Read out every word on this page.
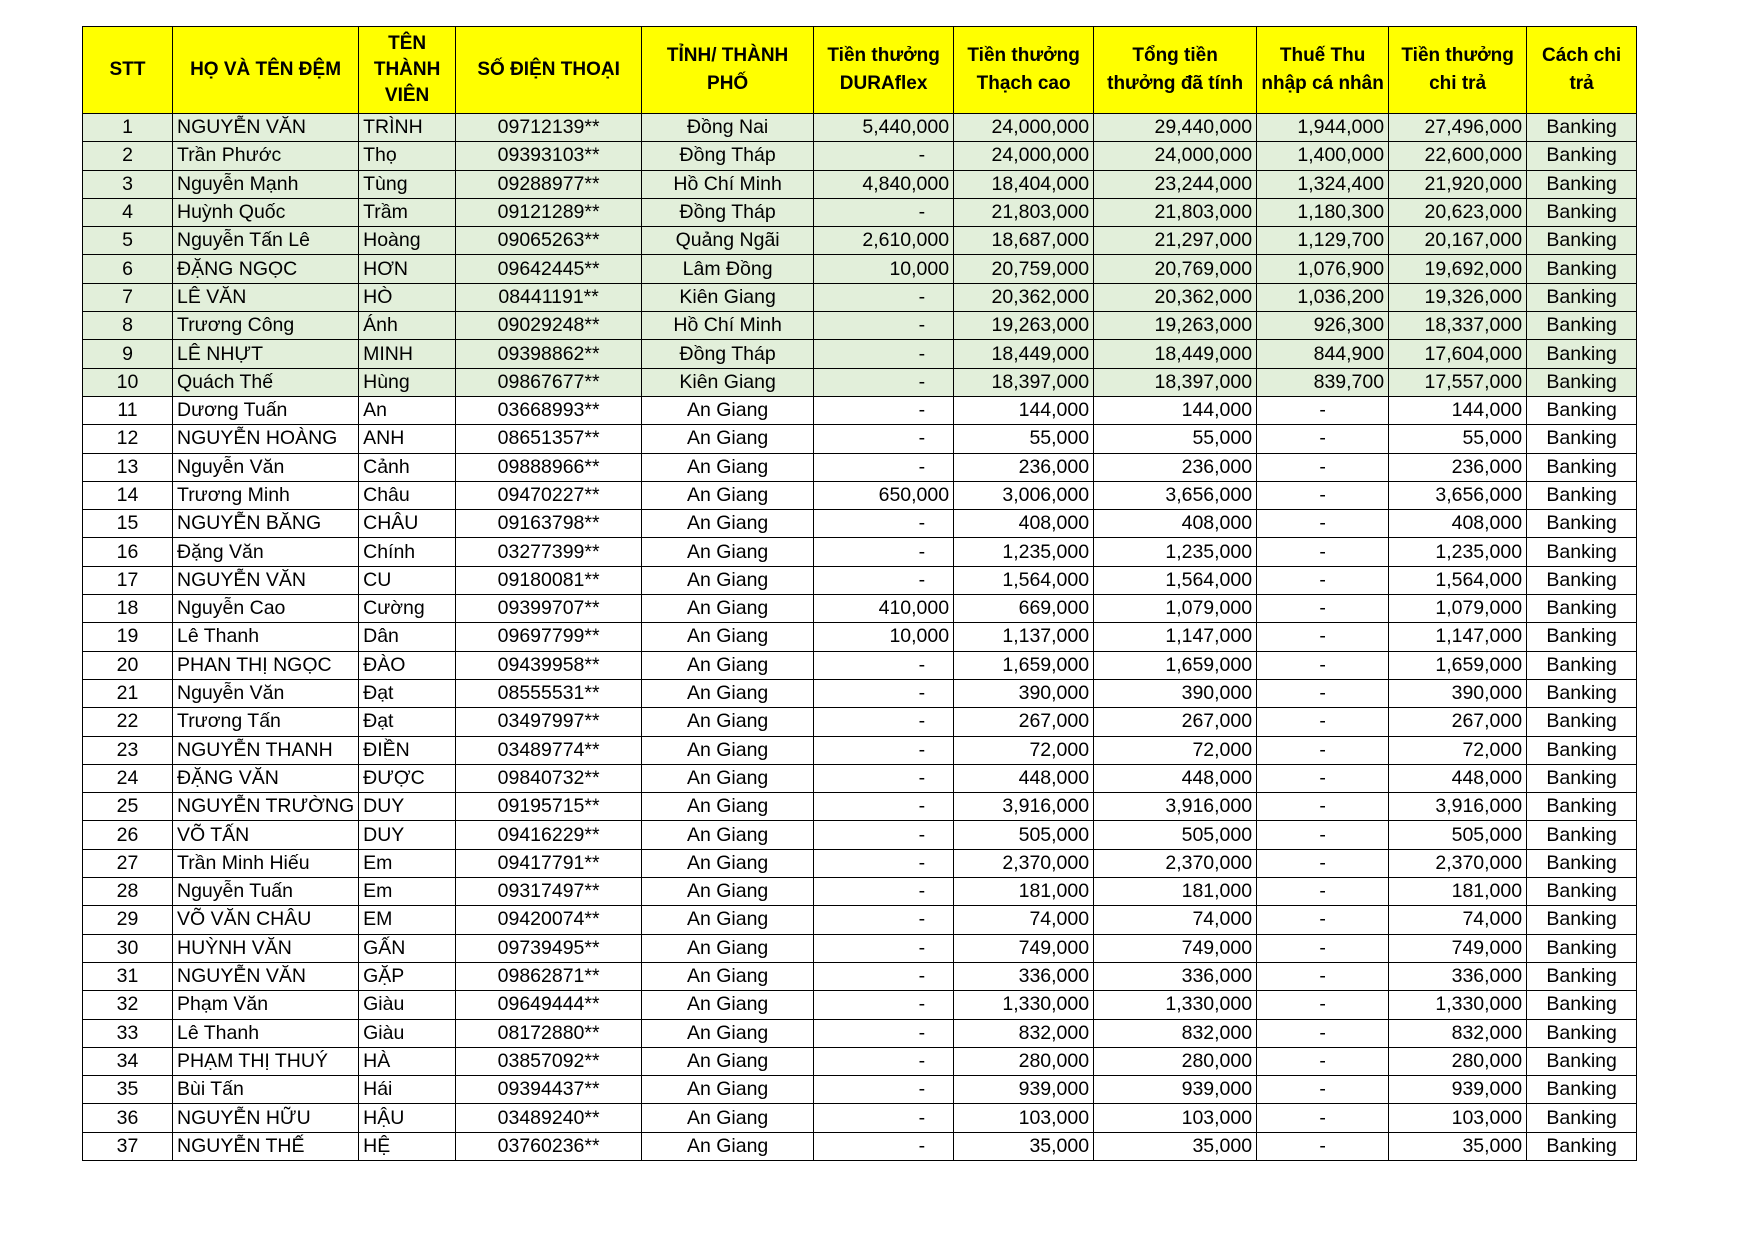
STT	HỌ VÀ TÊN ĐỆM	TÊN THÀNH VIÊN	SỐ ĐIỆN THOẠI	TỈNH/ THÀNH PHỐ	Tiền thưởng DURAflex	Tiền thưởng Thạch cao	Tổng tiền thưởng đã tính	Thuế Thu nhập cá nhân	Tiền thưởng chi trả	Cách chi trả

1	NGUYỄN VĂN	TRÌNH	09712139**	Đồng Nai	5,440,000	24,000,000	29,440,000	1,944,000	27,496,000	Banking
2	Trần Phước	Thọ	09393103**	Đồng Tháp	-	24,000,000	24,000,000	1,400,000	22,600,000	Banking
3	Nguyễn Mạnh	Tùng	09288977**	Hồ Chí Minh	4,840,000	18,404,000	23,244,000	1,324,400	21,920,000	Banking
4	Huỳnh Quốc	Trầm	09121289**	Đồng Tháp	-	21,803,000	21,803,000	1,180,300	20,623,000	Banking
5	Nguyễn Tấn Lê	Hoàng	09065263**	Quảng Ngãi	2,610,000	18,687,000	21,297,000	1,129,700	20,167,000	Banking
6	ĐẶNG NGỌC	HƠN	09642445**	Lâm Đồng	10,000	20,759,000	20,769,000	1,076,900	19,692,000	Banking
7	LÊ VĂN	HÒ	08441191**	Kiên Giang	-	20,362,000	20,362,000	1,036,200	19,326,000	Banking
8	Trương Công	Ánh	09029248**	Hồ Chí Minh	-	19,263,000	19,263,000	926,300	18,337,000	Banking
9	LÊ NHỰT	MINH	09398862**	Đồng Tháp	-	18,449,000	18,449,000	844,900	17,604,000	Banking
10	Quách Thế	Hùng	09867677**	Kiên Giang	-	18,397,000	18,397,000	839,700	17,557,000	Banking
11	Dương Tuấn	An	03668993**	An Giang	-	144,000	144,000	-	144,000	Banking
12	NGUYỄN HOÀNG	ANH	08651357**	An Giang	-	55,000	55,000	-	55,000	Banking
13	Nguyễn Văn	Cảnh	09888966**	An Giang	-	236,000	236,000	-	236,000	Banking
14	Trương Minh	Châu	09470227**	An Giang	650,000	3,006,000	3,656,000	-	3,656,000	Banking
15	NGUYỄN BĂNG	CHÂU	09163798**	An Giang	-	408,000	408,000	-	408,000	Banking
16	Đặng Văn	Chính	03277399**	An Giang	-	1,235,000	1,235,000	-	1,235,000	Banking
17	NGUYỄN VĂN	CU	09180081**	An Giang	-	1,564,000	1,564,000	-	1,564,000	Banking
18	Nguyễn Cao	Cường	09399707**	An Giang	410,000	669,000	1,079,000	-	1,079,000	Banking
19	Lê Thanh	Dân	09697799**	An Giang	10,000	1,137,000	1,147,000	-	1,147,000	Banking
20	PHAN THỊ NGỌC	ĐÀO	09439958**	An Giang	-	1,659,000	1,659,000	-	1,659,000	Banking
21	Nguyễn Văn	Đạt	08555531**	An Giang	-	390,000	390,000	-	390,000	Banking
22	Trương Tấn	Đạt	03497997**	An Giang	-	267,000	267,000	-	267,000	Banking
23	NGUYỄN THANH	ĐIỀN	03489774**	An Giang	-	72,000	72,000	-	72,000	Banking
24	ĐẶNG VĂN	ĐƯỢC	09840732**	An Giang	-	448,000	448,000	-	448,000	Banking
25	NGUYỄN TRƯỜNG	DUY	09195715**	An Giang	-	3,916,000	3,916,000	-	3,916,000	Banking
26	VÕ TẤN	DUY	09416229**	An Giang	-	505,000	505,000	-	505,000	Banking
27	Trần Minh Hiếu	Em	09417791**	An Giang	-	2,370,000	2,370,000	-	2,370,000	Banking
28	Nguyễn Tuấn	Em	09317497**	An Giang	-	181,000	181,000	-	181,000	Banking
29	VÕ VĂN CHÂU	EM	09420074**	An Giang	-	74,000	74,000	-	74,000	Banking
30	HUỲNH VĂN	GẤN	09739495**	An Giang	-	749,000	749,000	-	749,000	Banking
31	NGUYỄN VĂN	GẶP	09862871**	An Giang	-	336,000	336,000	-	336,000	Banking
32	Phạm Văn	Giàu	09649444**	An Giang	-	1,330,000	1,330,000	-	1,330,000	Banking
33	Lê Thanh	Giàu	08172880**	An Giang	-	832,000	832,000	-	832,000	Banking
34	PHẠM THỊ THUÝ	HÀ	03857092**	An Giang	-	280,000	280,000	-	280,000	Banking
35	Bùi Tấn	Hái	09394437**	An Giang	-	939,000	939,000	-	939,000	Banking
36	NGUYỄN HỮU	HẬU	03489240**	An Giang	-	103,000	103,000	-	103,000	Banking
37	NGUYỄN THẾ	HỆ	03760236**	An Giang	-	35,000	35,000	-	35,000	Banking
